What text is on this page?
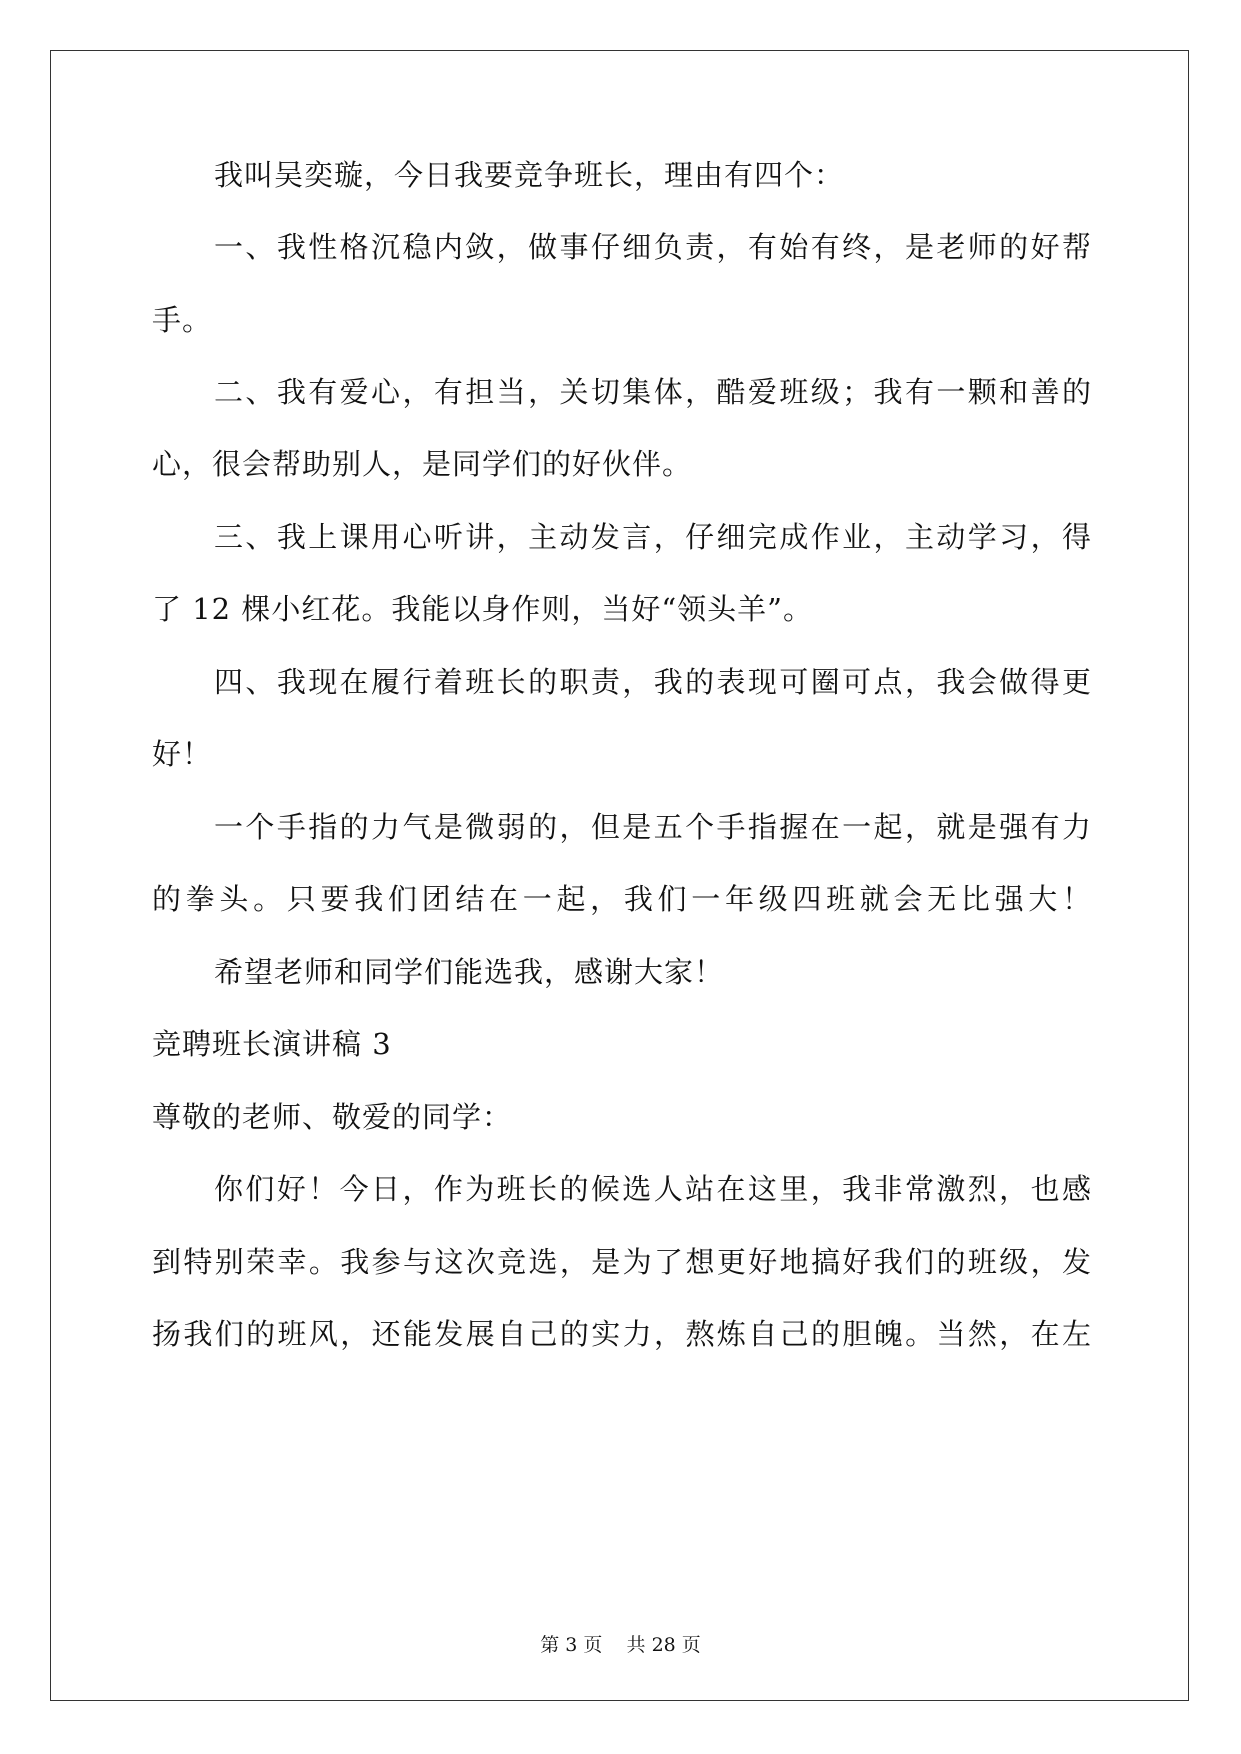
我叫吴奕璇，今日我要竞争班长，理由有四个：
一、我性格沉稳内敛，做事仔细负责，有始有终，是老师的好帮
手。
二、我有爱心，有担当，关切集体，酷爱班级；我有一颗和善的
心，很会帮助别人，是同学们的好伙伴。
三、我上课用心听讲，主动发言，仔细完成作业，主动学习，得
了 12 棵小红花。我能以身作则，当好“领头羊”。
四、我现在履行着班长的职责，我的表现可圈可点，我会做得更
好！
一个手指的力气是微弱的，但是五个手指握在一起，就是强有力
的拳头。只要我们团结在一起，我们一年级四班就会无比强大！
希望老师和同学们能选我，感谢大家！
竞聘班长演讲稿 3
尊敬的老师、敬爱的同学：
你们好！今日，作为班长的候选人站在这里，我非常激烈，也感
到特别荣幸。我参与这次竞选，是为了想更好地搞好我们的班级，发
扬我们的班风，还能发展自己的实力，熬炼自己的胆魄。当然，在左
第 3 页    共 28 页
